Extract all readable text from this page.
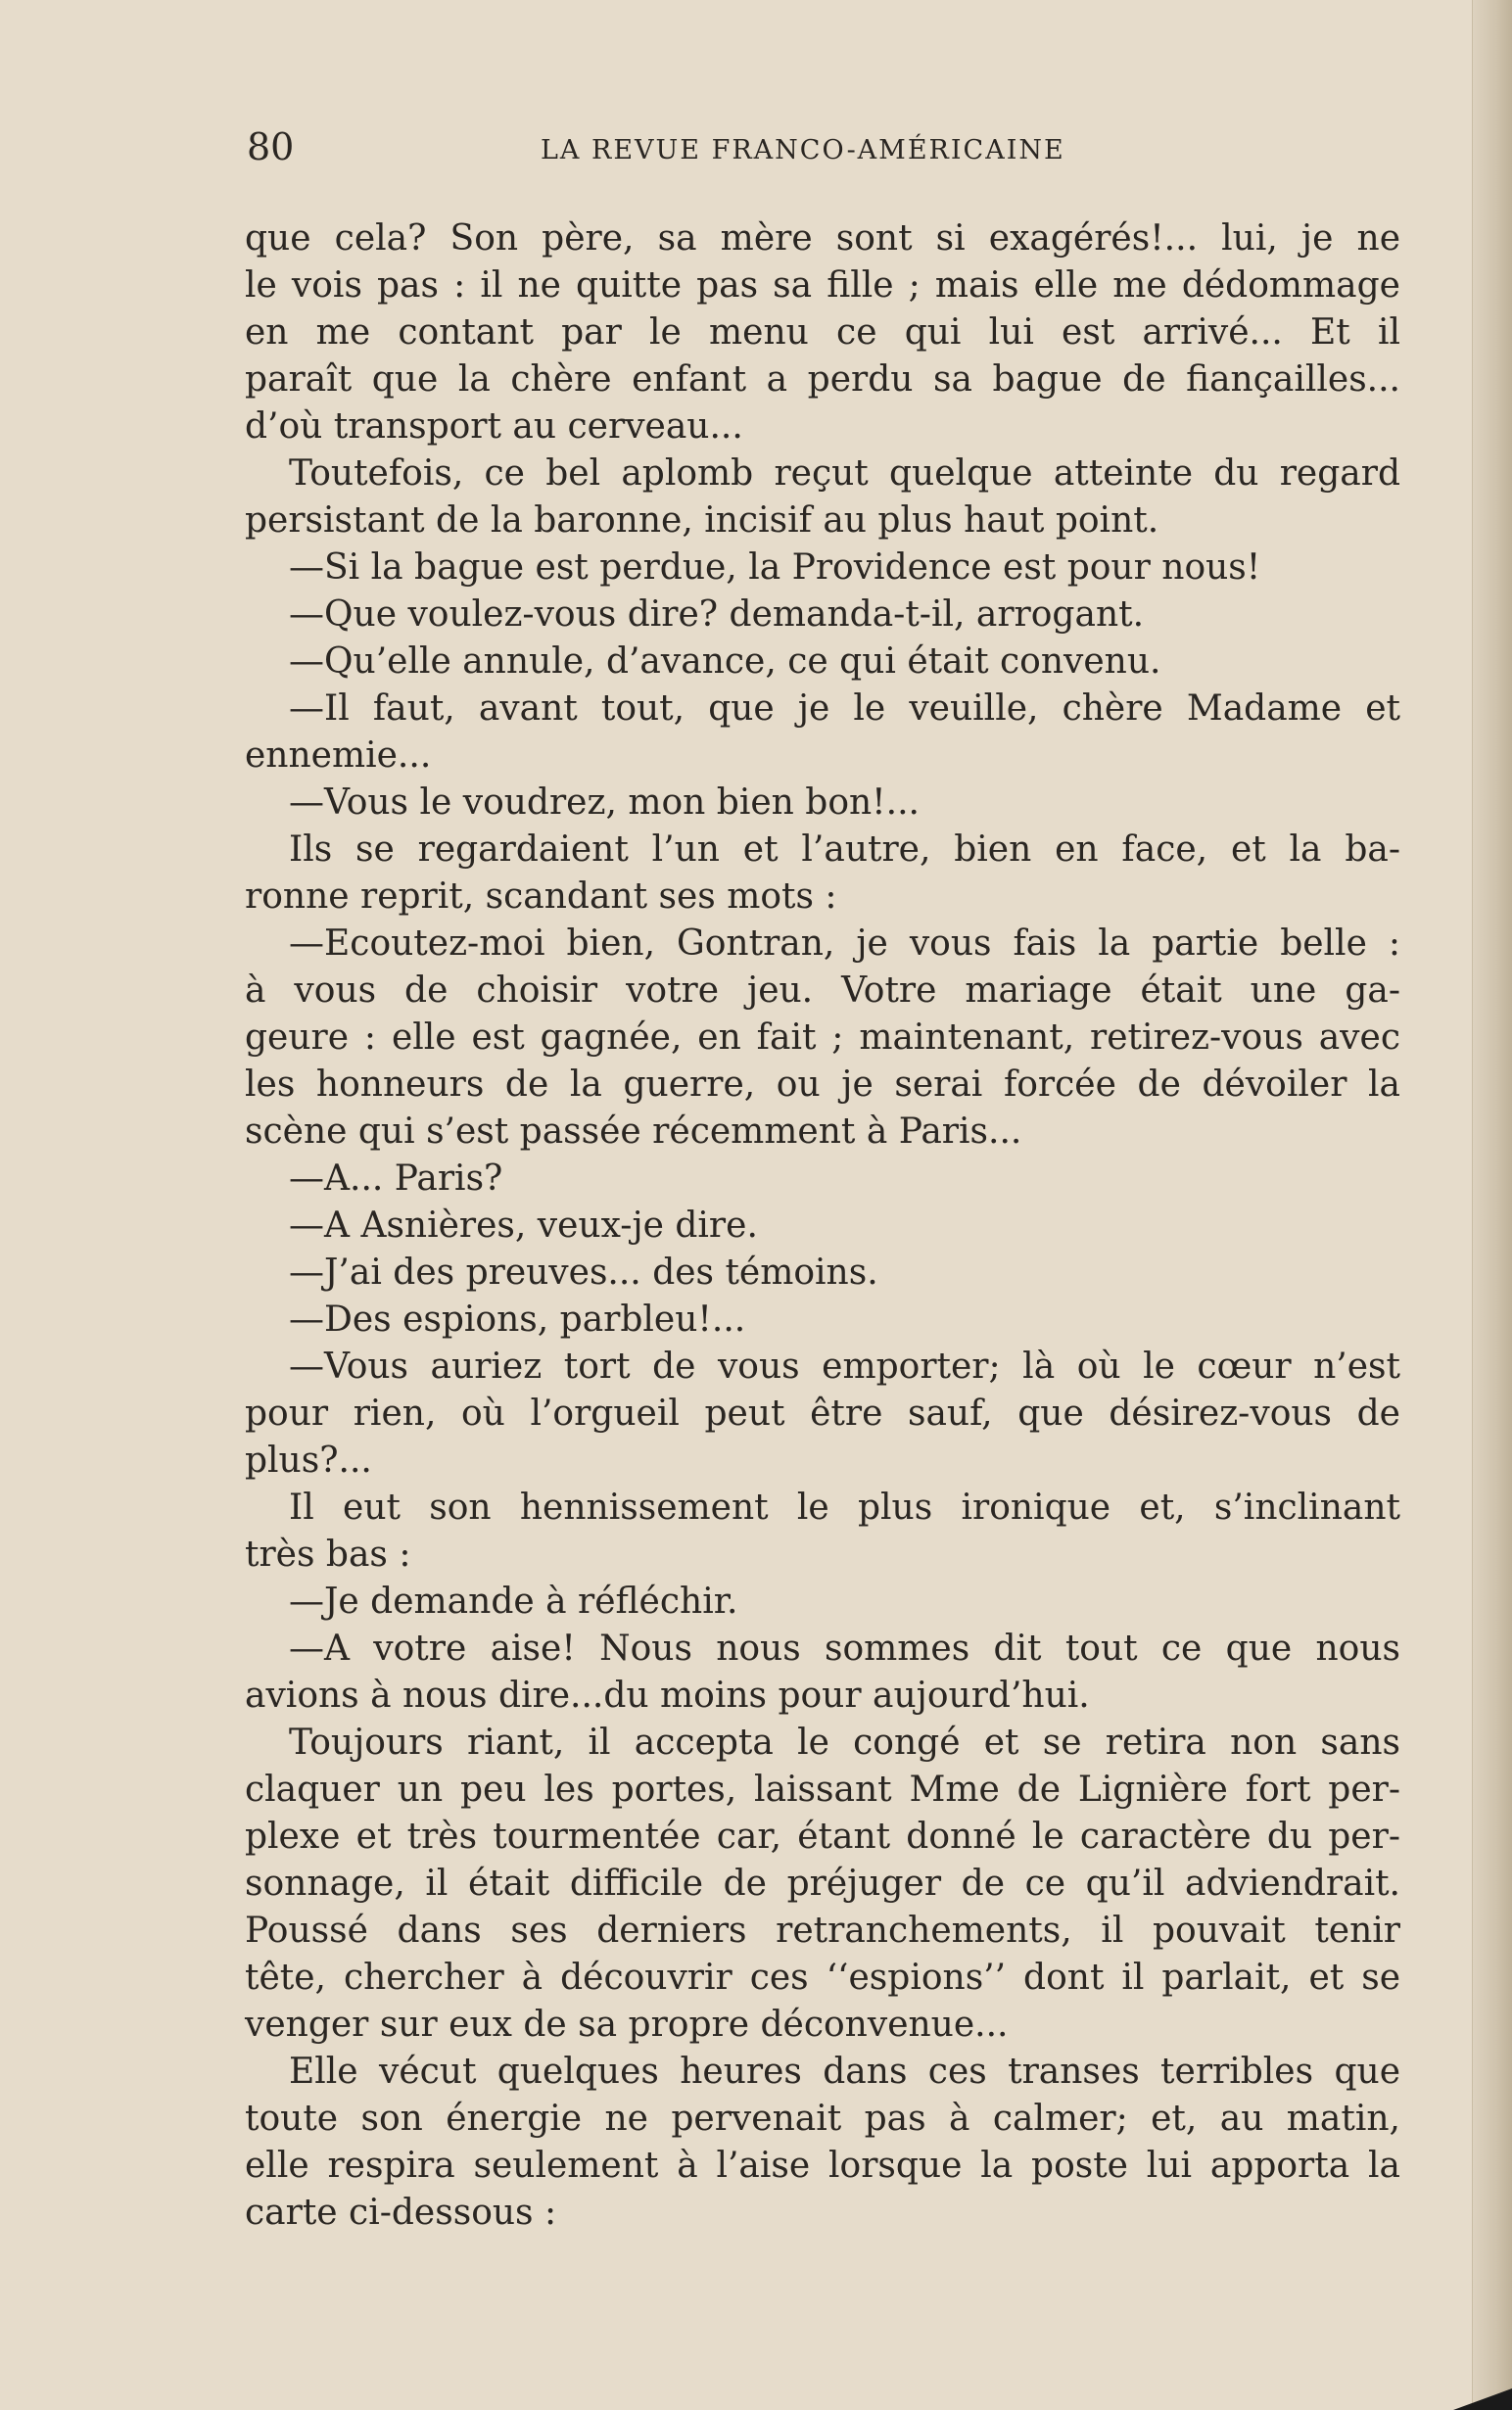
80	LA REVUE FRANCO-AMÉRICAINE
que cela? Son père, sa mère sont si exagérés!... lui, je ne
le vois pas : il ne quitte pas sa fille ; mais elle me dédommage
en me contant par le menu ce qui lui est arrivé... Et il
paraît que la chère enfant a perdu sa bague de fiançailles...
d’où transport au cerveau...
Toutefois, ce bel aplomb reçut quelque atteinte du regard
persistant de la baronne, incisif au plus haut point.
—Si la bague est perdue, la Providence est pour nous!
—Que voulez-vous dire? demanda-t-il, arrogant.
—Qu’elle annule, d’avance, ce qui était convenu.
—Il faut, avant tout, que je le veuille, chère Madame et
ennemie...
—Vous le voudrez, mon bien bon!...
Ils se regardaient l’un et l’autre, bien en face, et la ba-
ronne reprit, scandant ses mots :
—Ecoutez-moi bien, Gontran, je vous fais la partie belle :
à vous de choisir votre jeu. Votre mariage était une ga-
geure : elle est gagnée, en fait ; maintenant, retirez-vous avec
les honneurs de la guerre, ou je serai forcée de dévoiler la
scène qui s’est passée récemment à Paris...
—A... Paris?
—A Asnières, veux-je dire.
—J’ai des preuves... des témoins.
—Des espions, parbleu!...
—Vous auriez tort de vous emporter; là où le cœur n’est
pour rien, où l’orgueil peut être sauf, que désirez-vous de
plus?...
Il eut son hennissement le plus ironique et, s’inclinant
très bas :
—Je demande à réfléchir.
—A votre aise! Nous nous sommes dit tout ce que nous
avions à nous dire...du moins pour aujourd’hui.
Toujours riant, il accepta le congé et se retira non sans
claquer un peu les portes, laissant Mme de Lignière fort per-
plexe et très tourmentée car, étant donné le caractère du per-
sonnage, il était difficile de préjuger de ce qu’il adviendrait.
Poussé dans ses derniers retranchements, il pouvait tenir
tête, chercher à découvrir ces ‘‘espions’’ dont il parlait, et se
venger sur eux de sa propre déconvenue...
Elle vécut quelques heures dans ces transes terribles que
toute son énergie ne pervenait pas à calmer; et, au matin,
elle respira seulement à l’aise lorsque la poste lui apporta la
carte ci-dessous :
